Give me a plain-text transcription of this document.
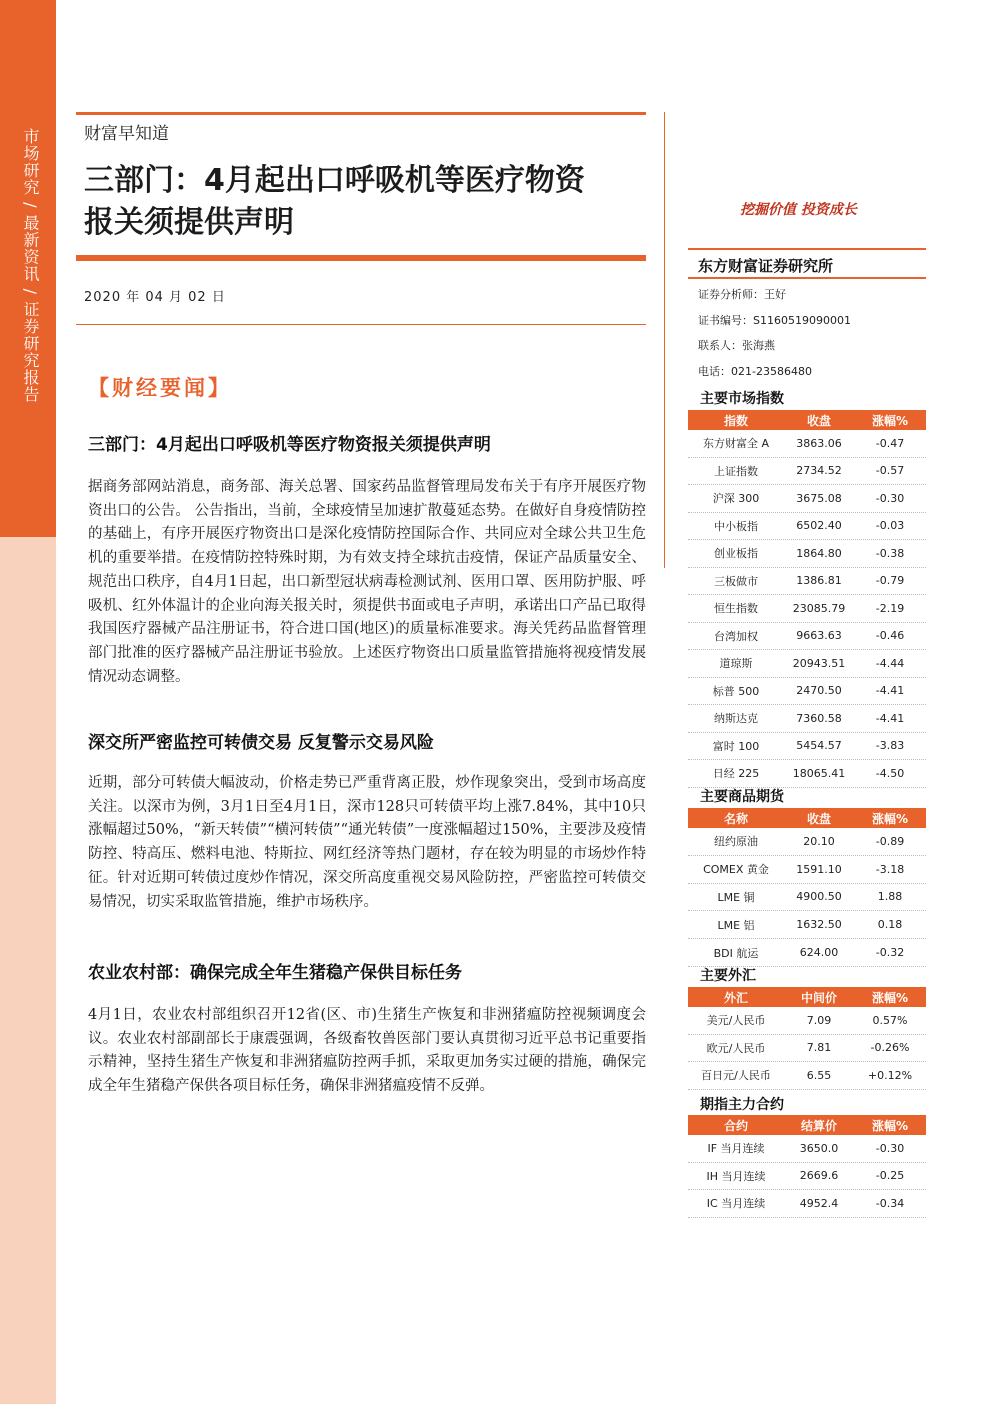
市场研究 / 最新资讯 / 证券研究报告	财富早知道
三部门：4月起出口呼吸机等医疗物资
报关须提供声明
2020 年 04 月 02 日
挖掘价值 投资成长
【财经要闻】
三部门：4月起出口呼吸机等医疗物资报关须提供声明
据商务部网站消息，商务部、海关总署、国家药品监督管理局发布关于有序开展医疗物资出口的公告。 公告指出，当前，全球疫情呈加速扩散蔓延态势。在做好自身疫情防控的基础上，有序开展医疗物资出口是深化疫情防控国际合作、共同应对全球公共卫生危机的重要举措。在疫情防控特殊时期，为有效支持全球抗击疫情，保证产品质量安全、规范出口秩序，自4月1日起，出口新型冠状病毒检测试剂、医用口罩、医用防护服、呼吸机、红外体温计的企业向海关报关时，须提供书面或电子声明，承诺出口产品已取得我国医疗器械产品注册证书，符合进口国(地区)的质量标准要求。海关凭药品监督管理部门批准的医疗器械产品注册证书验放。上述医疗物资出口质量监管措施将视疫情发展情况动态调整。
深交所严密监控可转债交易 反复警示交易风险
近期，部分可转债大幅波动，价格走势已严重背离正股，炒作现象突出，受到市场高度关注。以深市为例，3月1日至4月1日，深市128只可转债平均上涨7.84%，其中10只涨幅超过50%，“新天转债”“横河转债”“通光转债”一度涨幅超过150%，主要涉及疫情防控、特高压、燃料电池、特斯拉、网红经济等热门题材，存在较为明显的市场炒作特征。针对近期可转债过度炒作情况，深交所高度重视交易风险防控，严密监控可转债交易情况，切实采取监管措施，维护市场秩序。
农业农村部：确保完成全年生猪稳产保供目标任务
4月1日，农业农村部组织召开12省(区、市)生猪生产恢复和非洲猪瘟防控视频调度会议。农业农村部副部长于康震强调，各级畜牧兽医部门要认真贯彻习近平总书记重要指示精神，坚持生猪生产恢复和非洲猪瘟防控两手抓，采取更加务实过硬的措施，确保完成全年生猪稳产保供各项目标任务，确保非洲猪瘟疫情不反弹。
东方财富证券研究所
证券分析师：王好
证书编号：S1160519090001
联系人：张海燕
电话：021-23586480
主要市场指数
指数	收盘	涨幅%
东方财富全 A	3863.06	-0.47
上证指数	2734.52	-0.57
沪深 300	3675.08	-0.30
中小板指	6502.40	-0.03
创业板指	1864.80	-0.38
三板做市	1386.81	-0.79
恒生指数	23085.79	-2.19
台湾加权	9663.63	-0.46
道琼斯	20943.51	-4.44
标普 500	2470.50	-4.41
纳斯达克	7360.58	-4.41
富时 100	5454.57	-3.83
日经 225	18065.41	-4.50
主要商品期货
名称	收盘	涨幅%
纽约原油	20.10	-0.89
COMEX 黄金	1591.10	-3.18
LME 铜	4900.50	1.88
LME 铝	1632.50	0.18
BDI 航运	624.00	-0.32
主要外汇
外汇	中间价	涨幅%
美元/人民币	7.09	0.57%
欧元/人民币	7.81	-0.26%
百日元/人民币	6.55	+0.12%
期指主力合约
合约	结算价	涨幅%
IF 当月连续	3650.0	-0.30
IH 当月连续	2669.6	-0.25
IC 当月连续	4952.4	-0.34
